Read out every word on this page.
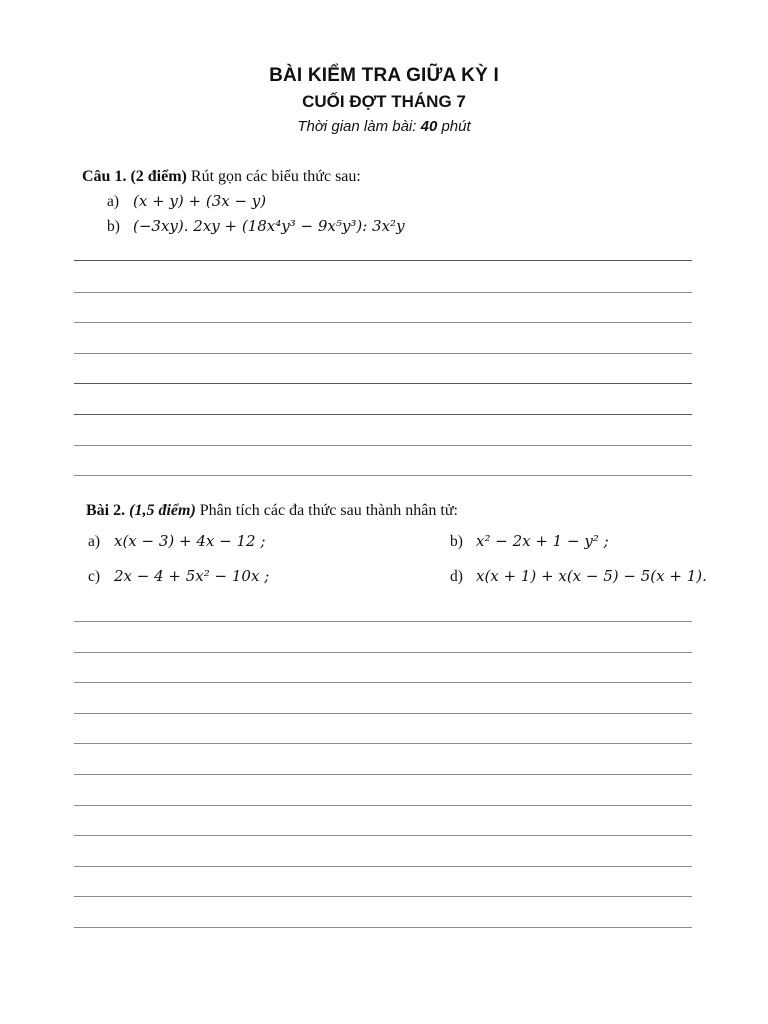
BÀI KIỂM TRA GIỮA KỲ I
CUỐI ĐỢT THÁNG 7
Thời gian làm bài: 40 phút
Câu 1. (2 điểm) Rút gọn các biểu thức sau:
a) (x + y) + (3x − y)
b) (−3xy). 2xy + (18x⁴y³ − 9x⁵y³): 3x²y
Bài 2. (1,5 điểm) Phân tích các đa thức sau thành nhân tử:
a) x(x − 3) + 4x − 12 ;	b) x² − 2x + 1 − y² ;
c) 2x − 4 + 5x² − 10x ;	d) x(x + 1) + x(x − 5) − 5(x + 1).
